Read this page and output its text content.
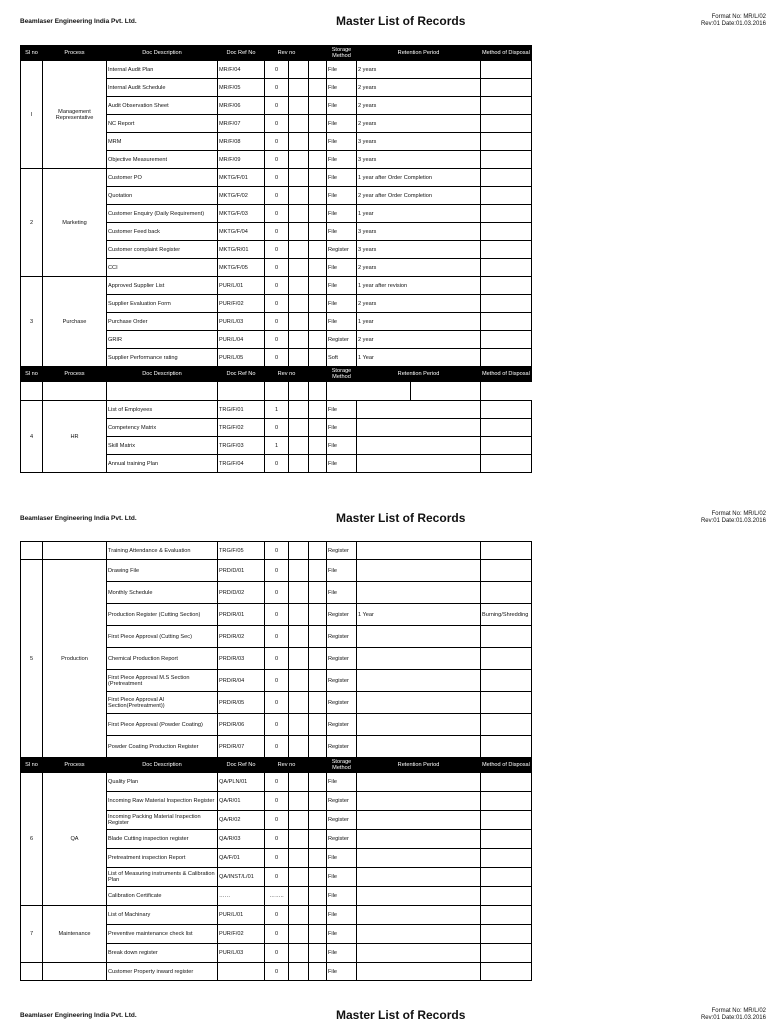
Beamlaser Engineering India Pvt. Ltd.	Master List of Records	Format No: MR/L/02
Rev:01 Date:01.03.2016
Sl no	Process	Doc Description	Doc Ref No	Rev no			Storage Method	Retention Period		Method of Disposal
I	Management Representative	Internal Audit Plan	MR/F/04	0			File	2 years		
		Internal Audit Schedule	MR/F/05	0			File	2 years		
		Audit Observation Sheet	MR/F/06	0			File	2 years		
		NC Report	MR/F/07	0			File	2 years		
		MRM	MR/F/08	0			File	3 years		
		Objective Measurement	MR/F/09	0			File	3 years		
2	Marketing	Customer PO	MKTG/F/01	0			File	1 year after Order Completion		
		Quotation	MKTG/F/02	0			File	2 year after Order Completion		
		Customer Enquiry (Daily Requirement)	MKTG/F/03	0			File	1 year		
		Customer Feed back	MKTG/F/04	0			File	3 years		
		Customer complaint Register	MKTG/R/01	0			Register	3 years		
		CCI	MKTG/F/05	0			File	2 years		
3	Purchase	Approved Supplier List	PUR/L/01	0			File	1 year after revision		
		Supplier Evaluation Form	PUR/F/02	0			File	2 years		
		Purchase Order	PUR/L/03	0			File	1 year		
		GRIR	PUR/L/04	0			Register	2 year		
		Supplier Performance rating	PUR/L/05	0			Soft	1 Year		
Sl no	Process	Doc Description	Doc Ref No	Rev no			Storage Method	Retention Period		Method of Disposal

4	HR	List of Employees	TRG/F/01	1			File			
		Competency Matrix	TRG/F/02	0			File			
		Skill Matrix	TRG/F/03	1			File			
		Annual training Plan	TRG/F/04	0			File			
Beamlaser Engineering India Pvt. Ltd.	Master List of Records	Format No: MR/L/02
Rev:01 Date:01.03.2016
		Training Attendance & Evaluation	TRG/F/05	0			Register		
5	Production	Drawing File	PRD/D/01	0			File		
		Monthly Schedule	PRD/D/02	0			File		
		Production Register (Cutting Section)	PRD/R/01	0			Register	1 Year	Burning/Shredding
		First Piece Approval (Cutting Sec)	PRD/R/02	0			Register		
		Chemical Production Report	PRD/R/03	0			Register		
		First Piece Approval M.S Section (Pretreatment	PRD/R/04	0			Register		
		First Piece Approval Al Section(Pretreatment))	PRD/R/05	0			Register		
		First Piece Approval (Powder Coating)	PRD/R/06	0			Register		
		Powder Coating Production Register	PRD/R/07	0			Register		
Sl no	Process	Doc Description	Doc Ref No	Rev no			Storage Method	Retention Period	Method of Disposal
6	QA	Quality Plan	QA/PLN/01	0			File		
		Incoming Raw Material Inspection Register	QA/R/01	0			Register		
		Incoming Packing Material Inspection Register	QA/R/02	0			Register		
		Blade Cutting inspection register	QA/R/03	0			Register		
		Pretreatment inspection Report	QA/F/01	0			File		
		List of Measuring instruments & Calibration Plan	QA/INST/L/01	0			File		
		Calibration Certificate	……	……..			File		
7	Maintenance	List of Machinary	PUR/L/01	0			File		
		Preventive maintenance check list	PUR/F/02	0			File		
		Break down register	PUR/L/03	0			File		
		Customer Property inward register		0			File		
Beamlaser Engineering India Pvt. Ltd.	Master List of Records	Format No: MR/L/02
Rev:01 Date:01.03.2016
